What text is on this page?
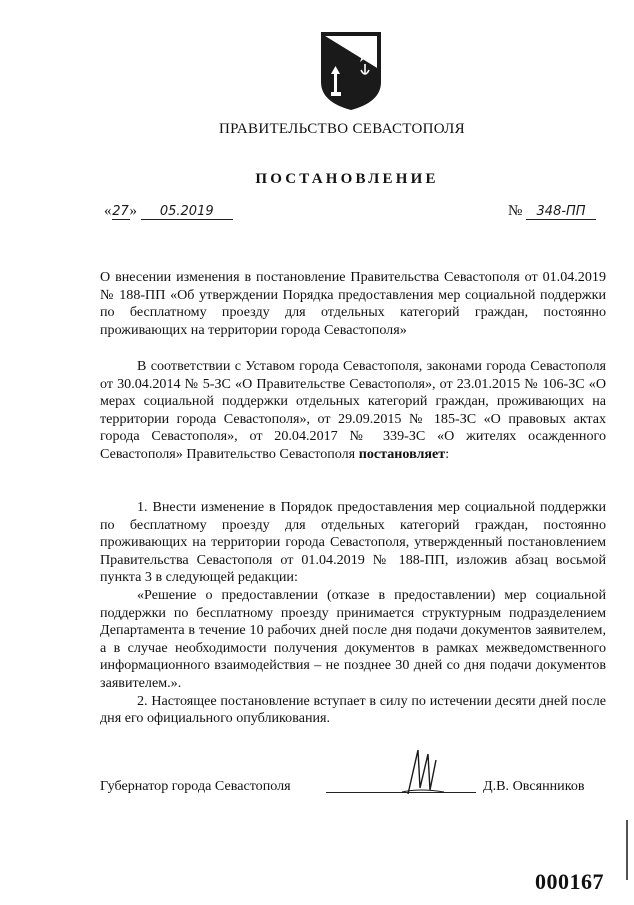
ПРАВИТЕЛЬСТВО СЕВАСТОПОЛЯ
ПОСТАНОВЛЕНИЕ
«27» 05.2019	№ 348-ПП

О внесении изменения в постановление Правительства Севастополя от 01.04.2019 № 188-ПП «Об утверждении Порядка предоставления мер социальной поддержки по бесплатному проезду для отдельных категорий граждан, постоянно проживающих на территории города Севастополя»

В соответствии с Уставом города Севастополя, законами города Севастополя от 30.04.2014 № 5-ЗС «О Правительстве Севастополя», от 23.01.2015 № 106-ЗС «О мерах социальной поддержки отдельных категорий граждан, проживающих на территории города Севастополя», от 29.09.2015 № 185-ЗС «О правовых актах города Севастополя», от 20.04.2017 № 339-ЗС «О жителях осажденного Севастополя» Правительство Севастополя постановляет:

1. Внести изменение в Порядок предоставления мер социальной поддержки по бесплатному проезду для отдельных категорий граждан, постоянно проживающих на территории города Севастополя, утвержденный постановлением Правительства Севастополя от 01.04.2019 № 188-ПП, изложив абзац восьмой пункта 3 в следующей редакции:

«Решение о предоставлении (отказе в предоставлении) мер социальной поддержки по бесплатному проезду принимается структурным подразделением Департамента в течение 10 рабочих дней после дня подачи документов заявителем, а в случае необходимости получения документов в рамках межведомственного информационного взаимодействия – не позднее 30 дней со дня подачи документов заявителем.».

2. Настоящее постановление вступает в силу по истечении десяти дней после дня его официального опубликования.

Губернатор города Севастополя	Д.В. Овсянников
000167
